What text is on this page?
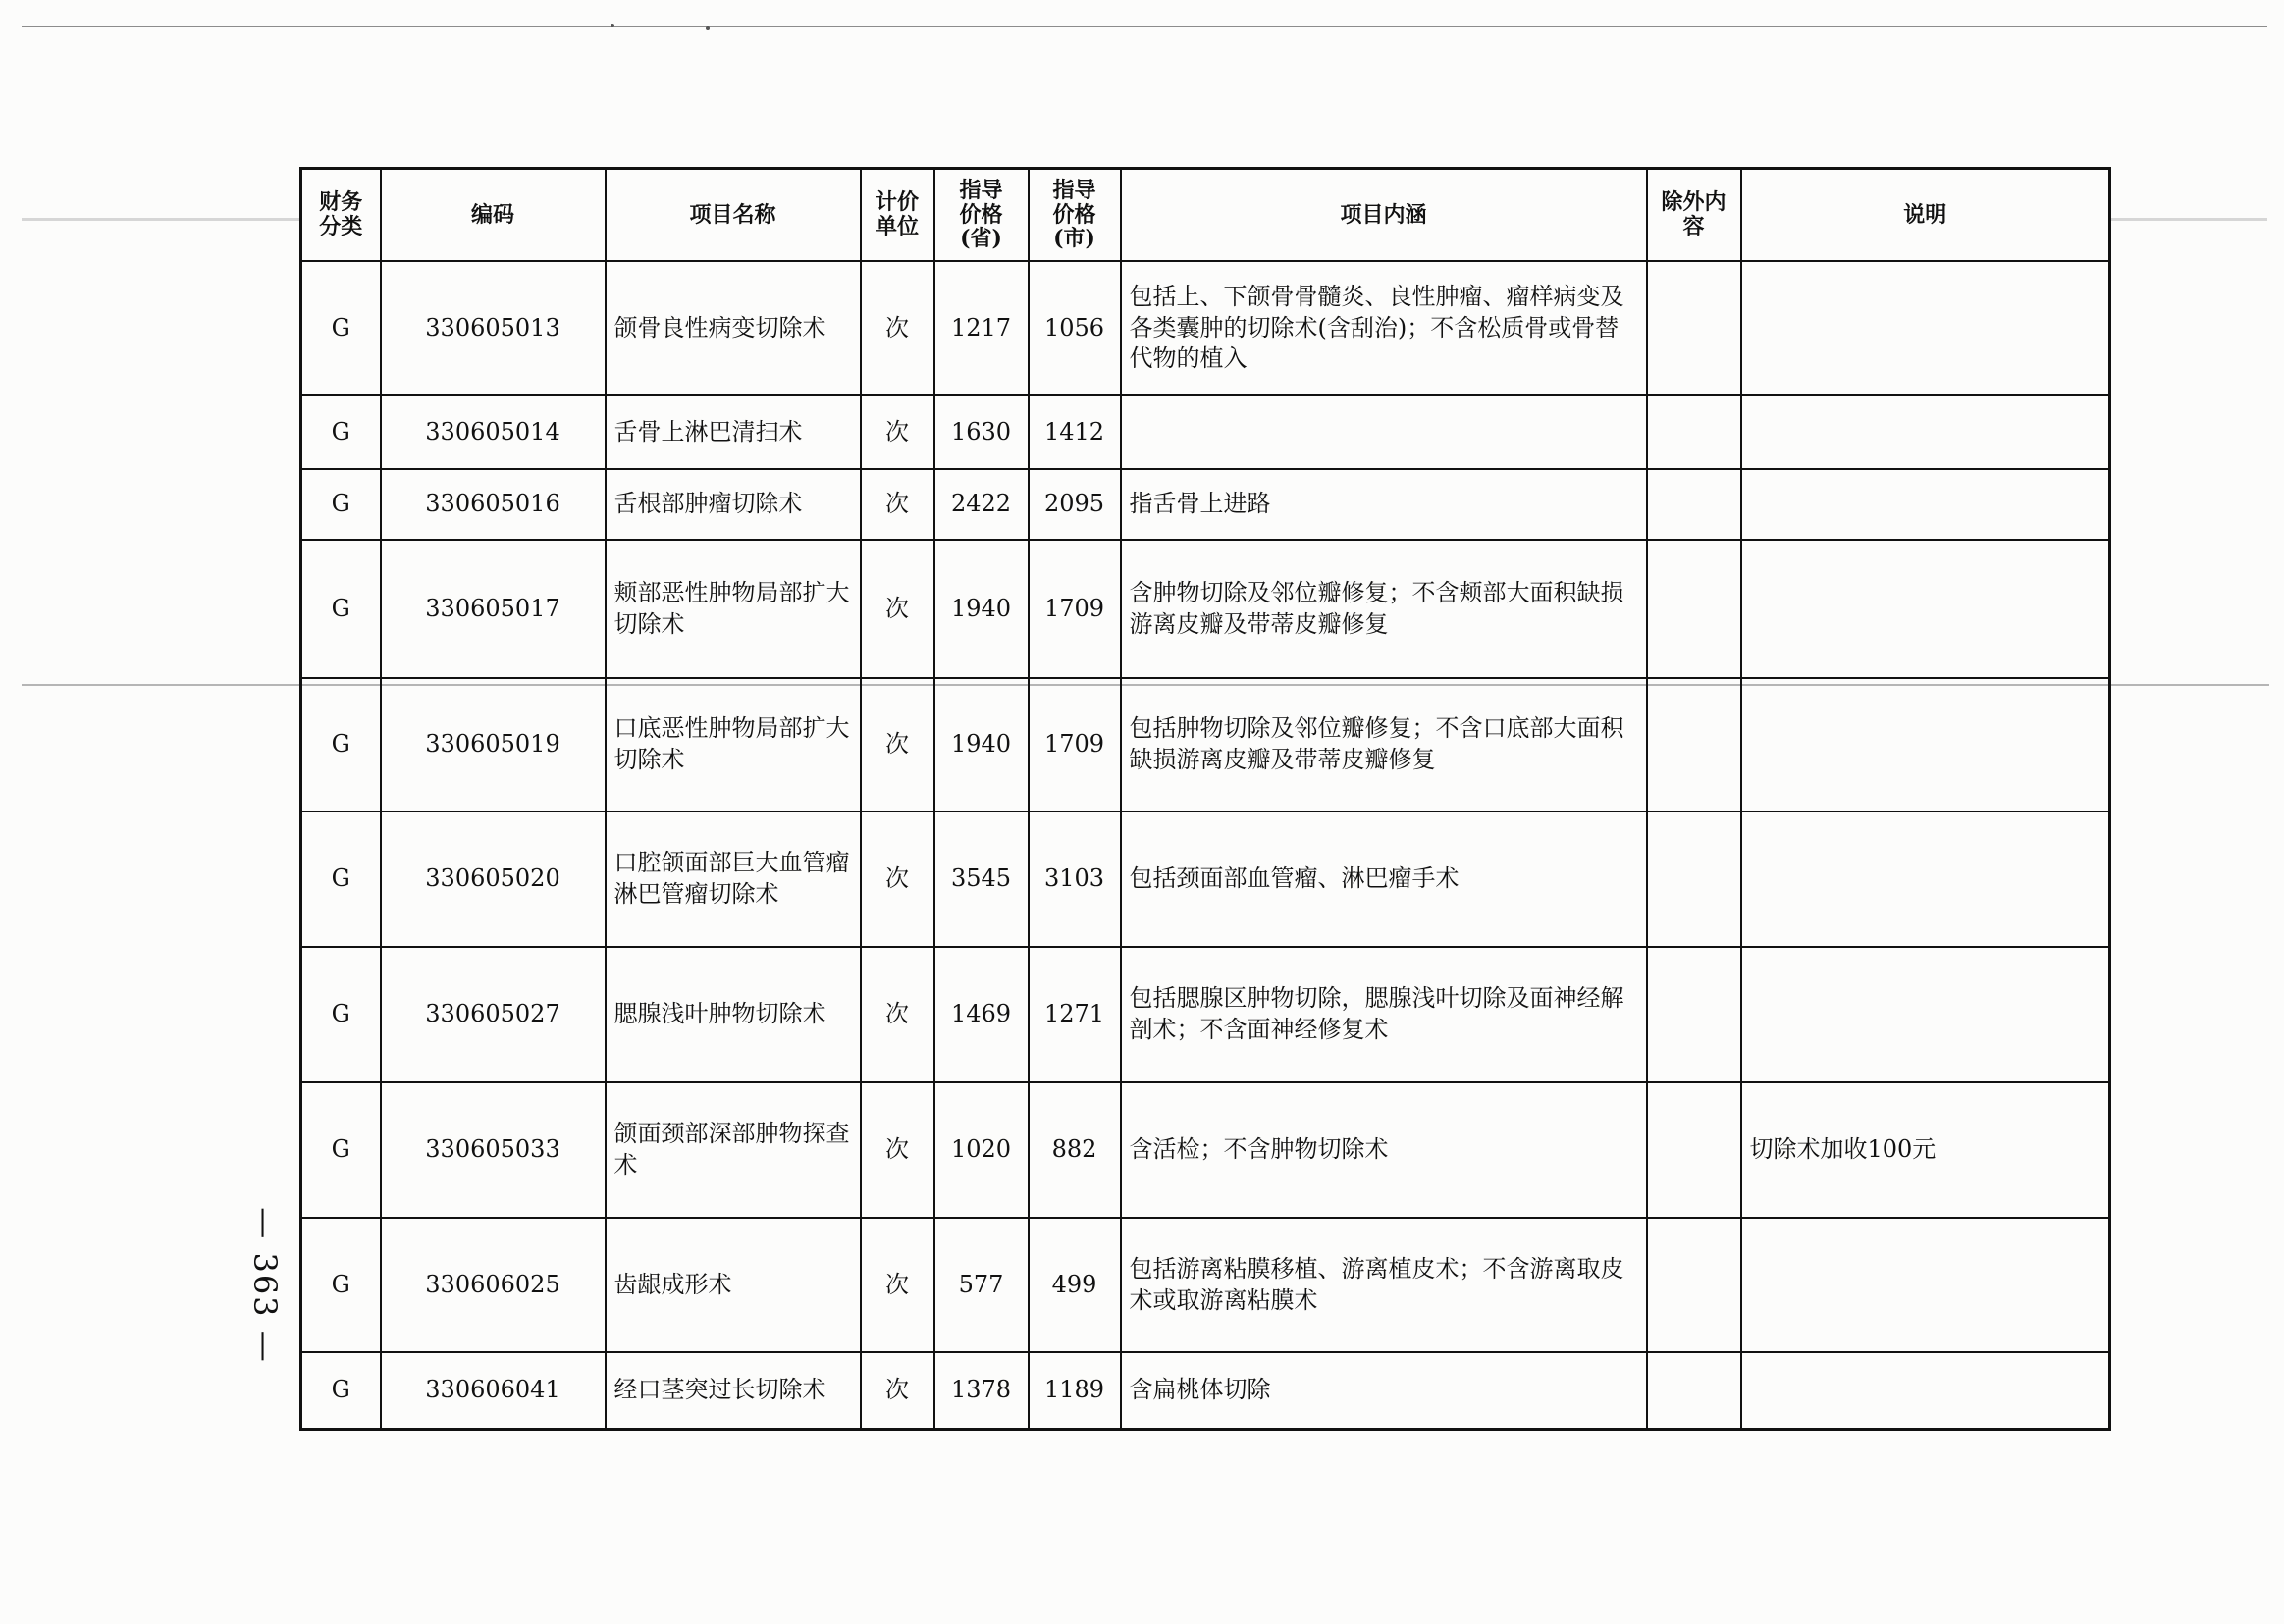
财务分类	编码	项目名称	计价单位	指导价格(省)	指导价格(市)	项目内涵	除外内容	说明
G	330605013	颌骨良性病变切除术	次	1217	1056	包括上、下颌骨骨髓炎、良性肿瘤、瘤样病变及各类囊肿的切除术(含刮治)；不含松质骨或骨替代物的植入		
G	330605014	舌骨上淋巴清扫术	次	1630	1412			
G	330605016	舌根部肿瘤切除术	次	2422	2095	指舌骨上进路		
G	330605017	颊部恶性肿物局部扩大切除术	次	1940	1709	含肿物切除及邻位瓣修复；不含颊部大面积缺损游离皮瓣及带蒂皮瓣修复		
G	330605019	口底恶性肿物局部扩大切除术	次	1940	1709	包括肿物切除及邻位瓣修复；不含口底部大面积缺损游离皮瓣及带蒂皮瓣修复		
G	330605020	口腔颌面部巨大血管瘤淋巴管瘤切除术	次	3545	3103	包括颈面部血管瘤、淋巴瘤手术		
G	330605027	腮腺浅叶肿物切除术	次	1469	1271	包括腮腺区肿物切除，腮腺浅叶切除及面神经解剖术；不含面神经修复术		
G	330605033	颌面颈部深部肿物探查术	次	1020	882	含活检；不含肿物切除术		切除术加收100元
G	330606025	齿龈成形术	次	577	499	包括游离粘膜移植、游离植皮术；不含游离取皮术或取游离粘膜术		
G	330606041	经口茎突过长切除术	次	1378	1189	含扁桃体切除		
— 363 —
